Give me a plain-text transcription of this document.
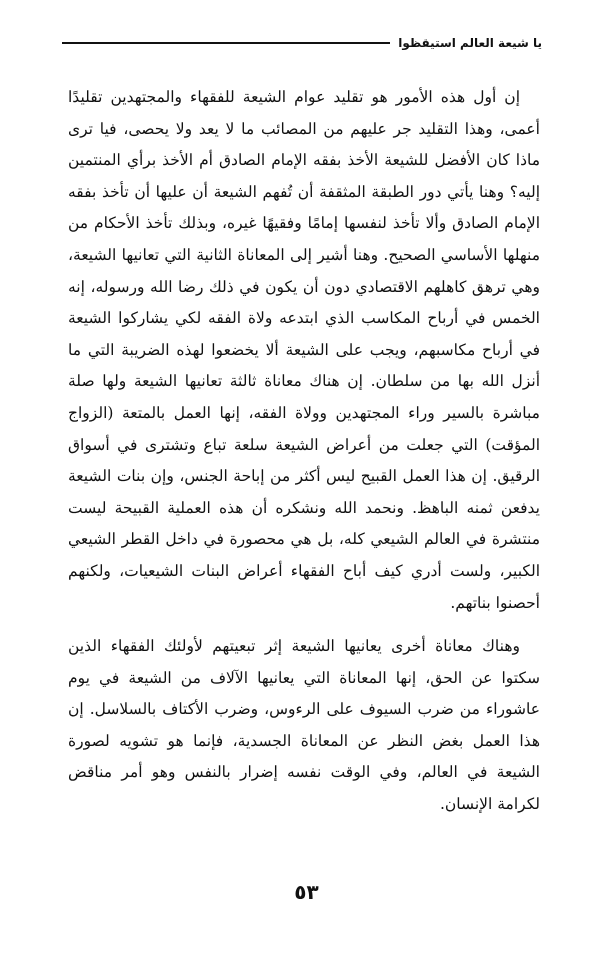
يا شيعة العالم استيقظوا

إن أول هذه الأمور هو تقليد عوام الشيعة للفقهاء والمجتهدين تقليدًا أعمى، وهذا التقليد جر عليهم من المصائب ما لا يعد ولا يحصى، فيا ترى ماذا كان الأفضل للشيعة الأخذ بفقه الإمام الصادق أم الأخذ برأي المنتمين إليه؟ وهنا يأتي دور الطبقة المثقفة أن تُفهم الشيعة أن عليها أن تأخذ بفقه الإمام الصادق وألا تأخذ لنفسها إمامًا وفقيهًا غيره، وبذلك تأخذ الأحكام من منهلها الأساسي الصحيح. وهنا أشير إلى المعاناة الثانية التي تعانيها الشيعة، وهي ترهق كاهلهم الاقتصادي دون أن يكون في ذلك رضا الله ورسوله، إنه الخمس في أرباح المكاسب الذي ابتدعه ولاة الفقه لكي يشاركوا الشيعة في أرباح مكاسبهم، ويجب على الشيعة ألا يخضعوا لهذه الضريبة التي ما أنزل الله بها من سلطان. إن هناك معاناة ثالثة تعانيها الشيعة ولها صلة مباشرة بالسير وراء المجتهدين وولاة الفقه، إنها العمل بالمتعة (الزواج المؤقت) التي جعلت من أعراض الشيعة سلعة تباع وتشترى في أسواق الرقيق. إن هذا العمل القبيح ليس أكثر من إباحة الجنس، وإن بنات الشيعة يدفعن ثمنه الباهظ. ونحمد الله ونشكره أن هذه العملية القبيحة ليست منتشرة في العالم الشيعي كله، بل هي محصورة في داخل القطر الشيعي الكبير، ولست أدري كيف أباح الفقهاء أعراض البنات الشيعيات، ولكنهم أحصنوا بناتهم.

وهناك معاناة أخرى يعانيها الشيعة إثر تبعيتهم لأولئك الفقهاء الذين سكتوا عن الحق، إنها المعاناة التي يعانيها الآلاف من الشيعة في يوم عاشوراء من ضرب السيوف على الرءوس، وضرب الأكتاف بالسلاسل. إن هذا العمل بغض النظر عن المعاناة الجسدية، فإنما هو تشويه لصورة الشيعة في العالم، وفي الوقت نفسه إضرار بالنفس وهو أمر مناقض لكرامة الإنسان.

٥٣
